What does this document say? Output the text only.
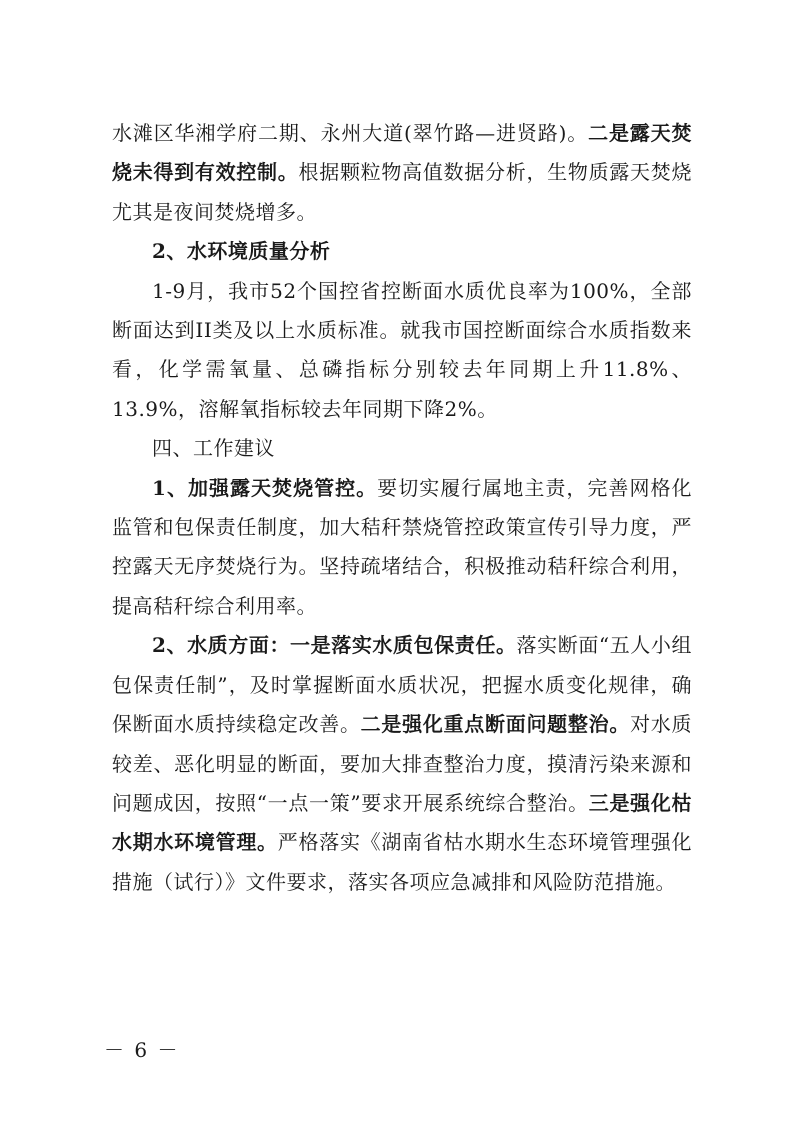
水滩区华湘学府二期、永州大道(翠竹路—进贤路)。二是露天焚烧未得到有效控制。根据颗粒物高值数据分析，生物质露天焚烧尤其是夜间焚烧增多。

2、水环境质量分析

1-9月，我市52个国控省控断面水质优良率为100%，全部断面达到II类及以上水质标准。就我市国控断面综合水质指数来看，化学需氧量、总磷指标分别较去年同期上升11.8%、13.9%，溶解氧指标较去年同期下降2%。

四、工作建议

1、加强露天焚烧管控。要切实履行属地主责，完善网格化监管和包保责任制度，加大秸秆禁烧管控政策宣传引导力度，严控露天无序焚烧行为。坚持疏堵结合，积极推动秸秆综合利用，提高秸秆综合利用率。

2、水质方面：一是落实水质包保责任。落实断面“五人小组包保责任制”，及时掌握断面水质状况，把握水质变化规律，确保断面水质持续稳定改善。二是强化重点断面问题整治。对水质较差、恶化明显的断面，要加大排查整治力度，摸清污染来源和问题成因，按照“一点一策”要求开展系统综合整治。三是强化枯水期水环境管理。严格落实《湖南省枯水期水生态环境管理强化措施（试行）》文件要求，落实各项应急减排和风险防范措施。

－ 6 －
